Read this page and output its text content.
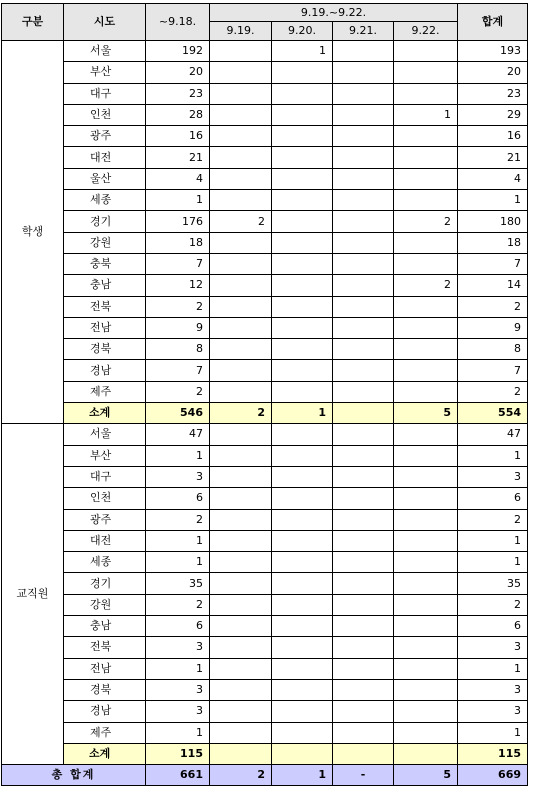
구분	시도	~9.18.	9.19.~9.22.				합계
			9.19.	9.20.	9.21.	9.22.	
학생	서울	192		1			193
	부산	20					20
	대구	23					23
	인천	28				1	29
	광주	16					16
	대전	21					21
	울산	4					4
	세종	1					1
	경기	176	2			2	180
	강원	18					18
	충북	7					7
	충남	12				2	14
	전북	2					2
	전남	9					9
	경북	8					8
	경남	7					7
	제주	2					2
	소계	546	2	1		5	554
교직원	서울	47					47
	부산	1					1
	대구	3					3
	인천	6					6
	광주	2					2
	대전	1					1
	세종	1					1
	경기	35					35
	강원	2					2
	충남	6					6
	전북	3					3
	전남	1					1
	경북	3					3
	경남	3					3
	제주	1					1
	소계	115					115
총 합계		661	2	1	-	5	669
